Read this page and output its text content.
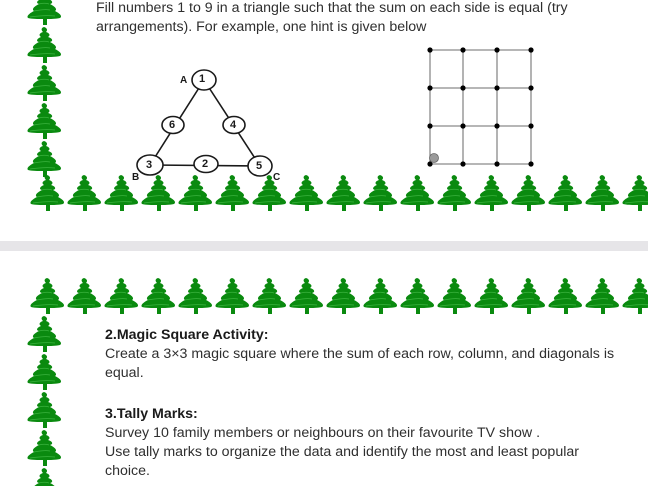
Fill numbers 1 to 9 in a triangle such that the sum on each side is equal (try
arrangements). For example, one hint is given below
1
6	4
3	2	5
A
B	C
2.Magic Square Activity:
Create a 3×3 magic square where the sum of each row, column, and diagonals is
equal.
3.Tally Marks:
Survey 10 family members or neighbours on their favourite TV show .
Use tally marks to organize the data and identify the most and least popular
choice.
